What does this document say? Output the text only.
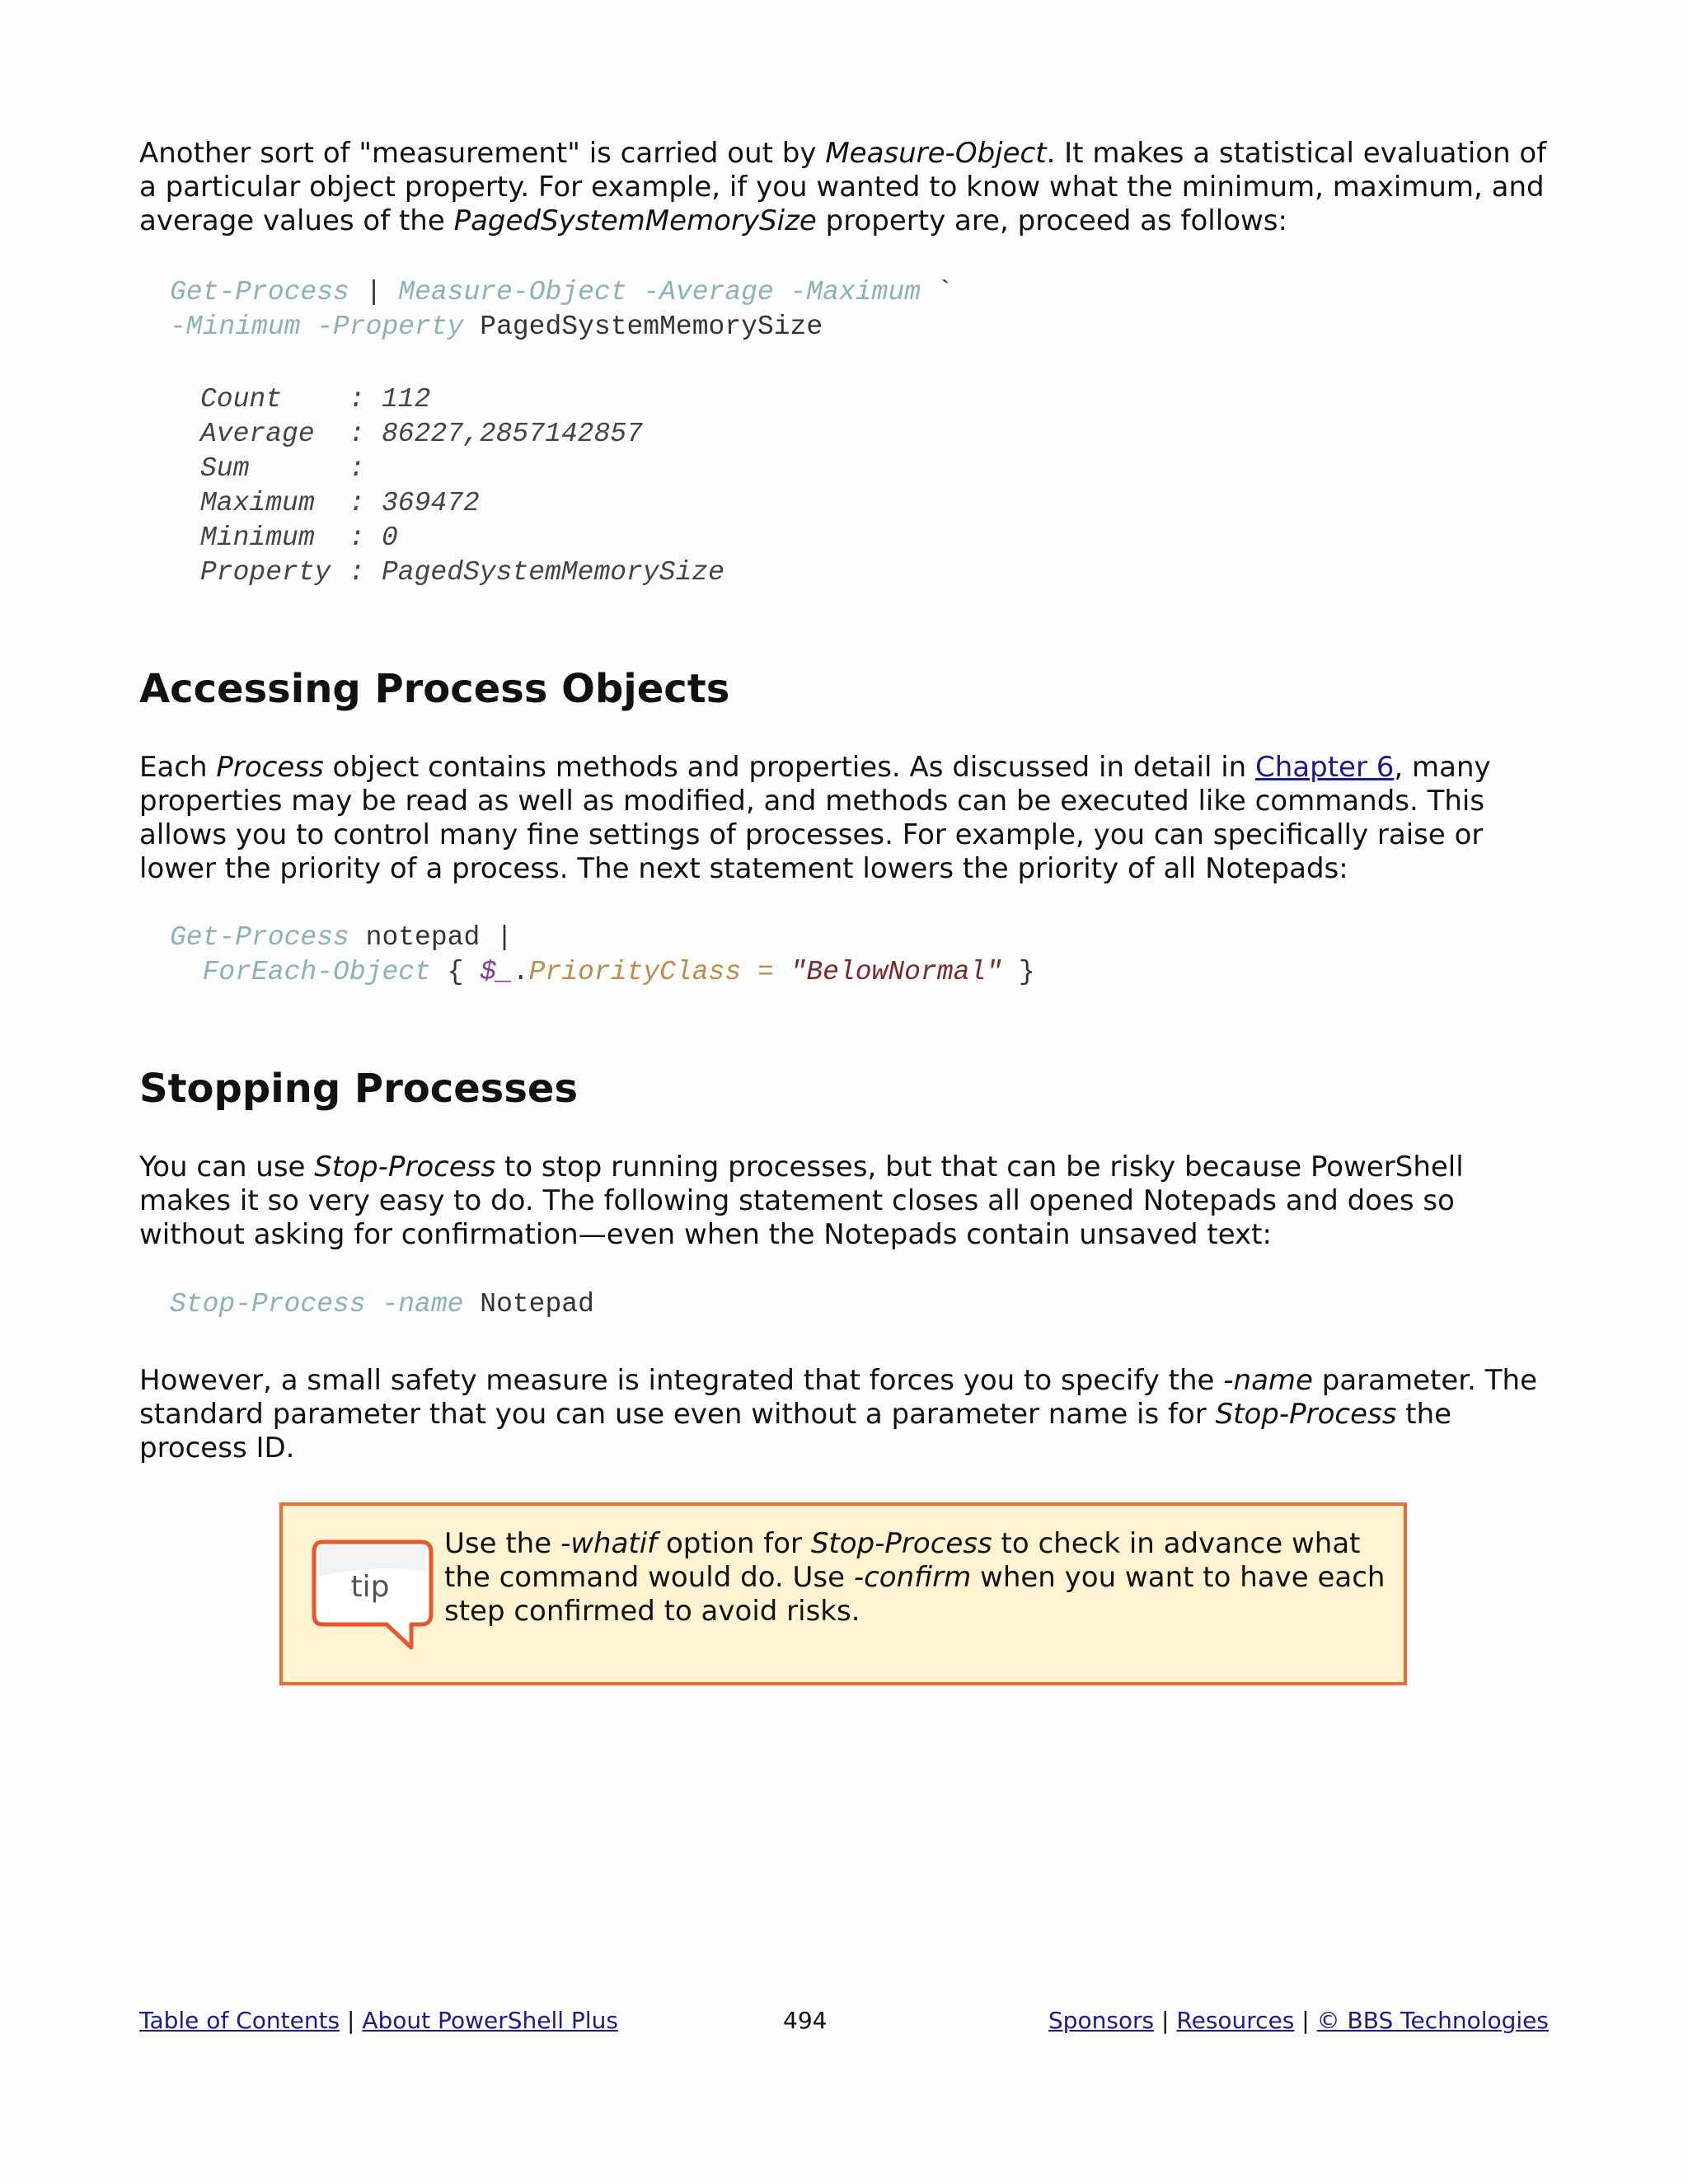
Another sort of "measurement" is carried out by Measure-Object. It makes a statistical evaluation of a particular object property. For example, if you wanted to know what the minimum, maximum, and average values of the PagedSystemMemorySize property are, proceed as follows:

Get-Process | Measure-Object -Average -Maximum `
-Minimum -Property PagedSystemMemorySize
Count	: 112
Average	: 86227,2857142857
Sum	:
Maximum	: 369472
Minimum	: 0
Property : PagedSystemMemorySize
Accessing Process Objects

Each Process object contains methods and properties. As discussed in detail in Chapter 6, many properties may be read as well as modified, and methods can be executed like commands. This allows you to control many fine settings of processes. For example, you can specifically raise or lower the priority of a process. The next statement lowers the priority of all Notepads:

Get-Process notepad |
ForEach-Object { $_.PriorityClass = "BelowNormal" }
Stopping Processes

You can use Stop-Process to stop running processes, but that can be risky because PowerShell makes it so very easy to do. The following statement closes all opened Notepads and does so without asking for confirmation—even when the Notepads contain unsaved text:

Stop-Process -name Notepad

However, a small safety measure is integrated that forces you to specify the -name parameter. The standard parameter that you can use even without a parameter name is for Stop-Process the process ID.

tip

Use the -whatif option for Stop-Process to check in advance what the command would do. Use -confirm when you want to have each step confirmed to avoid risks.

Table of Contents | About PowerShell Plus	494	Sponsors | Resources | © BBS Technologies
